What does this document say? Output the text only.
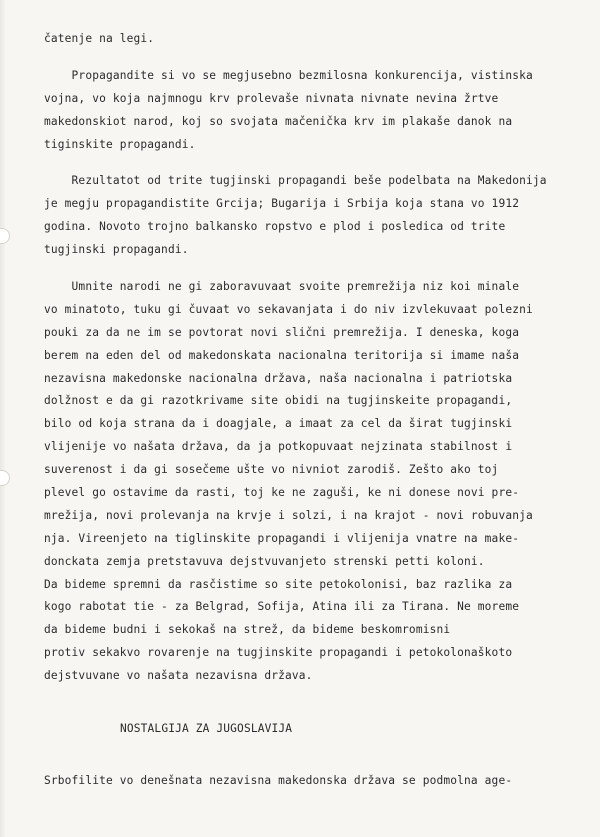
čatenje na legi.
Propagandite si vo se megjusebno bezmilosna konkurencija, vistinska
vojna, vo koja najmnogu krv prolevaše nivnata nivnate nevina žrtve
makedonskiot narod, koj so svojata mačenička krv im plakaše danok na
tiginskite propagandi.
Rezultatot od trite tugjinski propagandi beše podelbata na Makedonija
je megju propagandistite Grcija; Bugarija i Srbija koja stana vo 1912
godina. Novoto trojno balkansko ropstvo e plod i posledica od trite
tugjinski propagandi.
Umnite narodi ne gi zaboravuvaat svoite premrežija niz koi minale
vo minatoto, tuku gi čuvaat vo sekavanjata i do niv izvlekuvaat polezni
pouki za da ne im se povtorat novi slični premrežija. I deneska, koga
berem na eden del od makedonskata nacionalna teritorija si imame naša
nezavisna makedonske nacionalna država, naša nacionalna i patriotska
dolžnost e da gi razotkrivame site obidi na tugjinskeite propagandi,
bilo od koja strana da i doagjale, a imaat za cel da širat tugjinski
vlijenije vo našata država, da ja potkopuvaat nejzinata stabilnost i
suverenost i da gi sosečeme ušte vo nivniot zarodiš. Zešto ako toj
plevel go ostavime da rasti, toj ke ne zaguši, ke ni donese novi pre-
mrežija, novi prolevanja na krvje i solzi, i na krajot - novi robuvanja
nja. Vireenjeto na tiglinskite propagandi i vlijenija vnatre na make-
donckata zemja pretstavuva dejstvuvanjeto strenski petti koloni.
Da bideme spremni da rasčistime so site petokolonisi, baz razlika za
kogo rabotat tie - za Belgrad, Sofija, Atina ili za Tirana. Ne moreme
da bideme budni i sekokaš na strež, da bideme beskomromisni
protiv sekakvo rovarenje na tugjinskite propagandi i petokolonaškoto
dejstvuvane vo našata nezavisna država.
NOSTALGIJA ZA JUGOSLAVIJA
Srbofilite vo denešnata nezavisna makedonska država se podmolna age-
